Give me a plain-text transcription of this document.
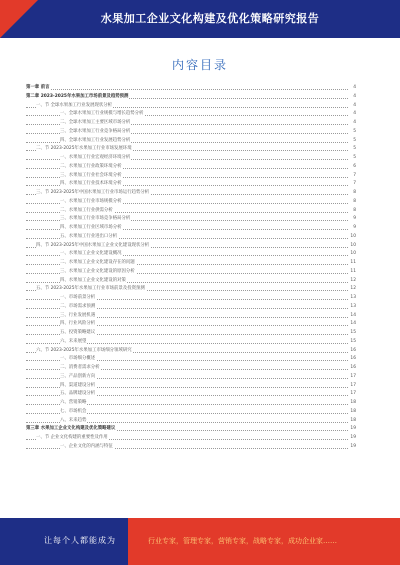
水果加工企业文化构建及优化策略研究报告
内容目录
第一章 前言	4
第二章 2023-2025年水果加工市场前景及趋势预测	4
一、节 全球水果加工行业发展现状分析	4
一、全球水果加工行业规模与增长趋势分析	4
二、全球水果加工主要区域市场分析	4
三、全球水果加工行业竞争格局分析	5
四、全球水果加工行业发展趋势分析	5
二、节 2023-2025年水果加工行业市场发展环境	5
一、水果加工行业宏观经济环境分析	5
二、水果加工行业政策环境分析	6
三、水果加工行业社会环境分析	7
四、水果加工行业技术环境分析	7
三、节 2023-2025年中国水果加工行业市场运行趋势分析	8
一、水果加工行业市场规模分析	8
二、水果加工行业供需分析	8
三、水果加工行业市场竞争格局分析	9
四、水果加工行业区域市场分析	9
五、水果加工行业进出口分析	10
四、节 2023-2025年中国水果加工企业文化建设现状分析	10
一、水果加工企业文化建设概况	10
二、水果加工企业文化建设存在的问题	11
三、水果加工企业文化建设的原因分析	11
四、水果加工企业文化建设的对策	12
五、节 2023-2025年水果加工行业市场前景及投资预测	12
一、市场前景分析	13
二、市场需求预测	13
三、行业发展机遇	14
四、行业风险分析	14
五、投资策略建议	15
六、未来展望	15
六、节 2023-2025年水果加工市场细分领域研究	16
一、市场细分概述	16
二、消费者需求分析	16
三、产品创新方向	17
四、渠道建设分析	17
五、品牌建设分析	17
六、营销策略	18
七、市场机会	18
八、未来趋势	18
第三章 水果加工企业文化构建及优化策略建议	19
一、节 企业文化构建的重要性及作用	19
一、企业文化的内涵与特征	19
让每个人都能成为	行业专家，管理专家，营销专家，战略专家，成功企业家……
